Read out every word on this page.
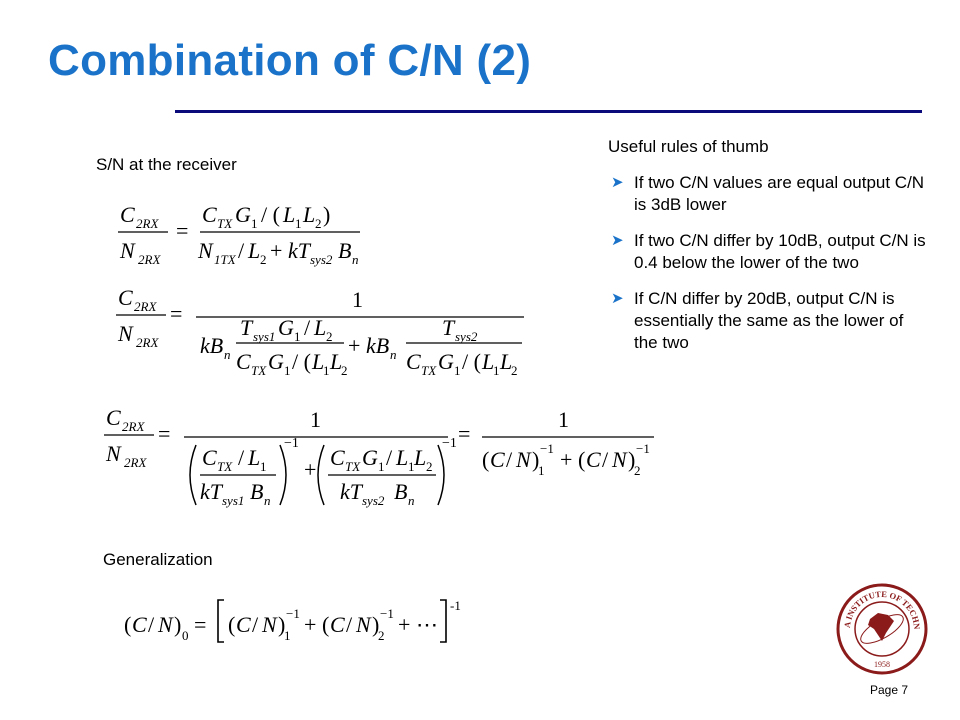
Combination of C/N (2)
S/N at the receiver
Useful rules of thumb
➤ If two C/N values are equal output C/N is 3dB lower
➤ If two C/N differ by 10dB, output C/N is 0.4 below the lower of the two
➤ If C/N differ by 20dB, output C/N is essentially the same as the lower of the two
C 2RX
N 2RX
=
C TX G 1 / ( L 1 L 2 )
N 1TX / L 2 + kT sys2 B n
C 2RX
N 2RX
=
1
kB n
T sys1 G 1 / L 2
C TX G 1 / ( L
1 L
2
+ kB n
T sys2
C TX G 1 / ( L
1 L
2
C 2RX
N 2RX
=
1
C TX / L 1
kT sys1 B n
−1
+ C TX G 1 / L 1 L 2
kT sys2 B n
−1 =
1
( C / N ) −1
1 + ( C / N ) −1
2
Generalization
( C / N ) 0 = ( C / N ) −1
1 + ( C / N ) −1
2 + ⋯
-1
A INSTITUTE OF TECHN
1958
Page 7
